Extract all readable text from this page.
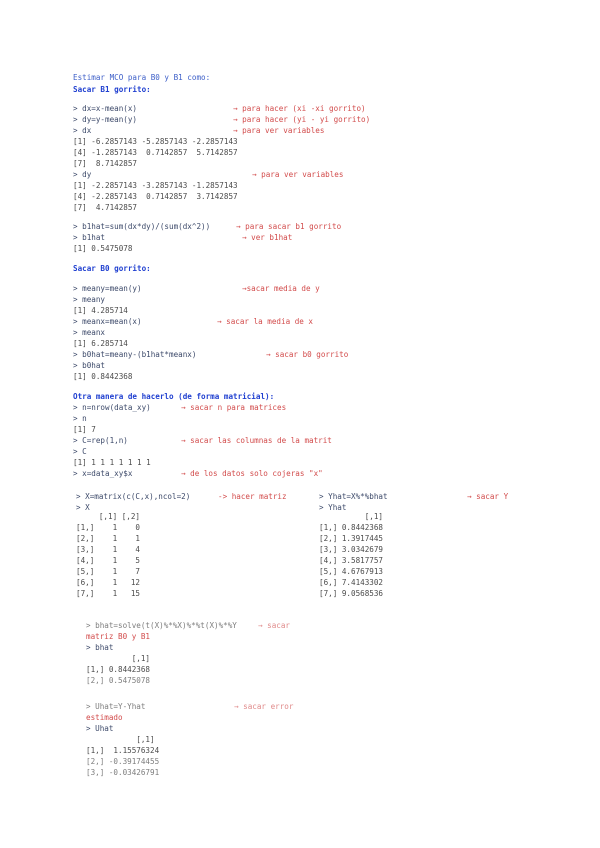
Estimar MCO para B0 y B1 como:
Sacar B1 gorrito:
> dx=x-mean(x)	→ para hacer (xi -xi gorrito)
> dy=y-mean(y)	→ para hacer (yi - yi gorrito)
> dx	→ para ver variables
[1] -6.2857143 -5.2857143 -2.2857143
[4] -1.2857143  0.7142857  5.7142857
[7]  8.7142857
> dy	→ para ver variables
[1] -2.2857143 -3.2857143 -1.2857143
[4] -2.2857143  0.7142857  3.7142857
[7]  4.7142857
> b1hat=sum(dx*dy)/(sum(dx^2))	→ para sacar b1 gorrito
> b1hat	→ ver b1hat
[1] 0.5475078
Sacar B0 gorrito:
> meany=mean(y)	→sacar media de y
> meany
[1] 4.285714
> meanx=mean(x)	→ sacar la media de x
> meanx
[1] 6.285714
> b0hat=meany-(b1hat*meanx)	→ sacar b0 gorrito
> b0hat
[1] 0.8442368
Otra manera de hacerlo (de forma matricial):
> n=nrow(data_xy)	→ sacar n para matrices
> n
[1] 7
> C=rep(1,n)	→ sacar las columnas de la matrit
> C
[1] 1 1 1 1 1 1 1
> x=data_xy$x	→ de los datos solo cojeras "x"
> X=matrix(c(C,x),ncol=2)	-> hacer matriz
> X
[,1] [,2]
[1,]    1    0
[2,]    1    1
[3,]    1    4
[4,]    1    5
[5,]    1    7
[6,]    1   12
[7,]    1   15
> Yhat=X%*%bhat	→ sacar Y
> Yhat
[,1]
[1,] 0.8442368
[2,] 1.3917445
[3,] 3.0342679
[4,] 3.5817757
[5,] 4.6767913
[6,] 7.4143302
[7,] 9.0568536
> bhat=solve(t(X)%*%X)%*%t(X)%*%Y	→ sacar
matriz B0 y B1
> bhat
[,1]
[1,] 0.8442368
[2,] 0.5475078
> Uhat=Y-Yhat	→ sacar error
estimado
> Uhat
[,1]
[1,]  1.15576324
[2,] -0.39174455
[3,] -0.03426791
